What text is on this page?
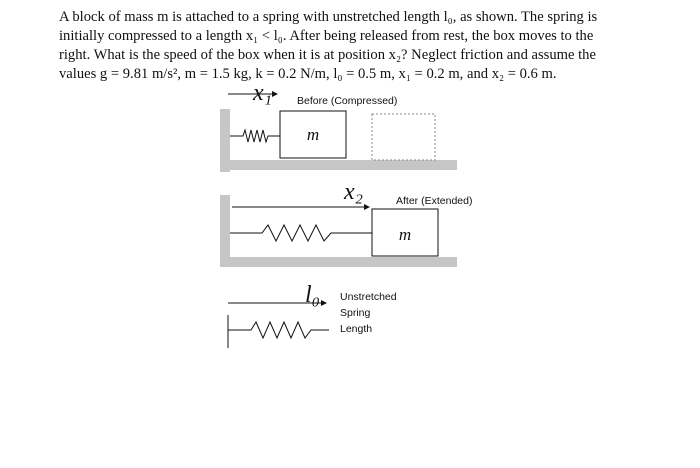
A block of mass m is attached to a spring with unstretched length l₀, as shown. The spring is

initially compressed to a length x₁ < l₀. After being released from rest, the box moves to the

right. What is the speed of the box when it is at position x₂? Neglect friction and assume the

values g = 9.81 m/s², m = 1.5 kg, k = 0.2 N/m, l₀ = 0.5 m, x₁ = 0.2 m, and x₂ = 0.6 m.

x₁ Before (Compressed)
m
x₂	After (Extended)
m
l₀ Unstretched
Spring
Length
